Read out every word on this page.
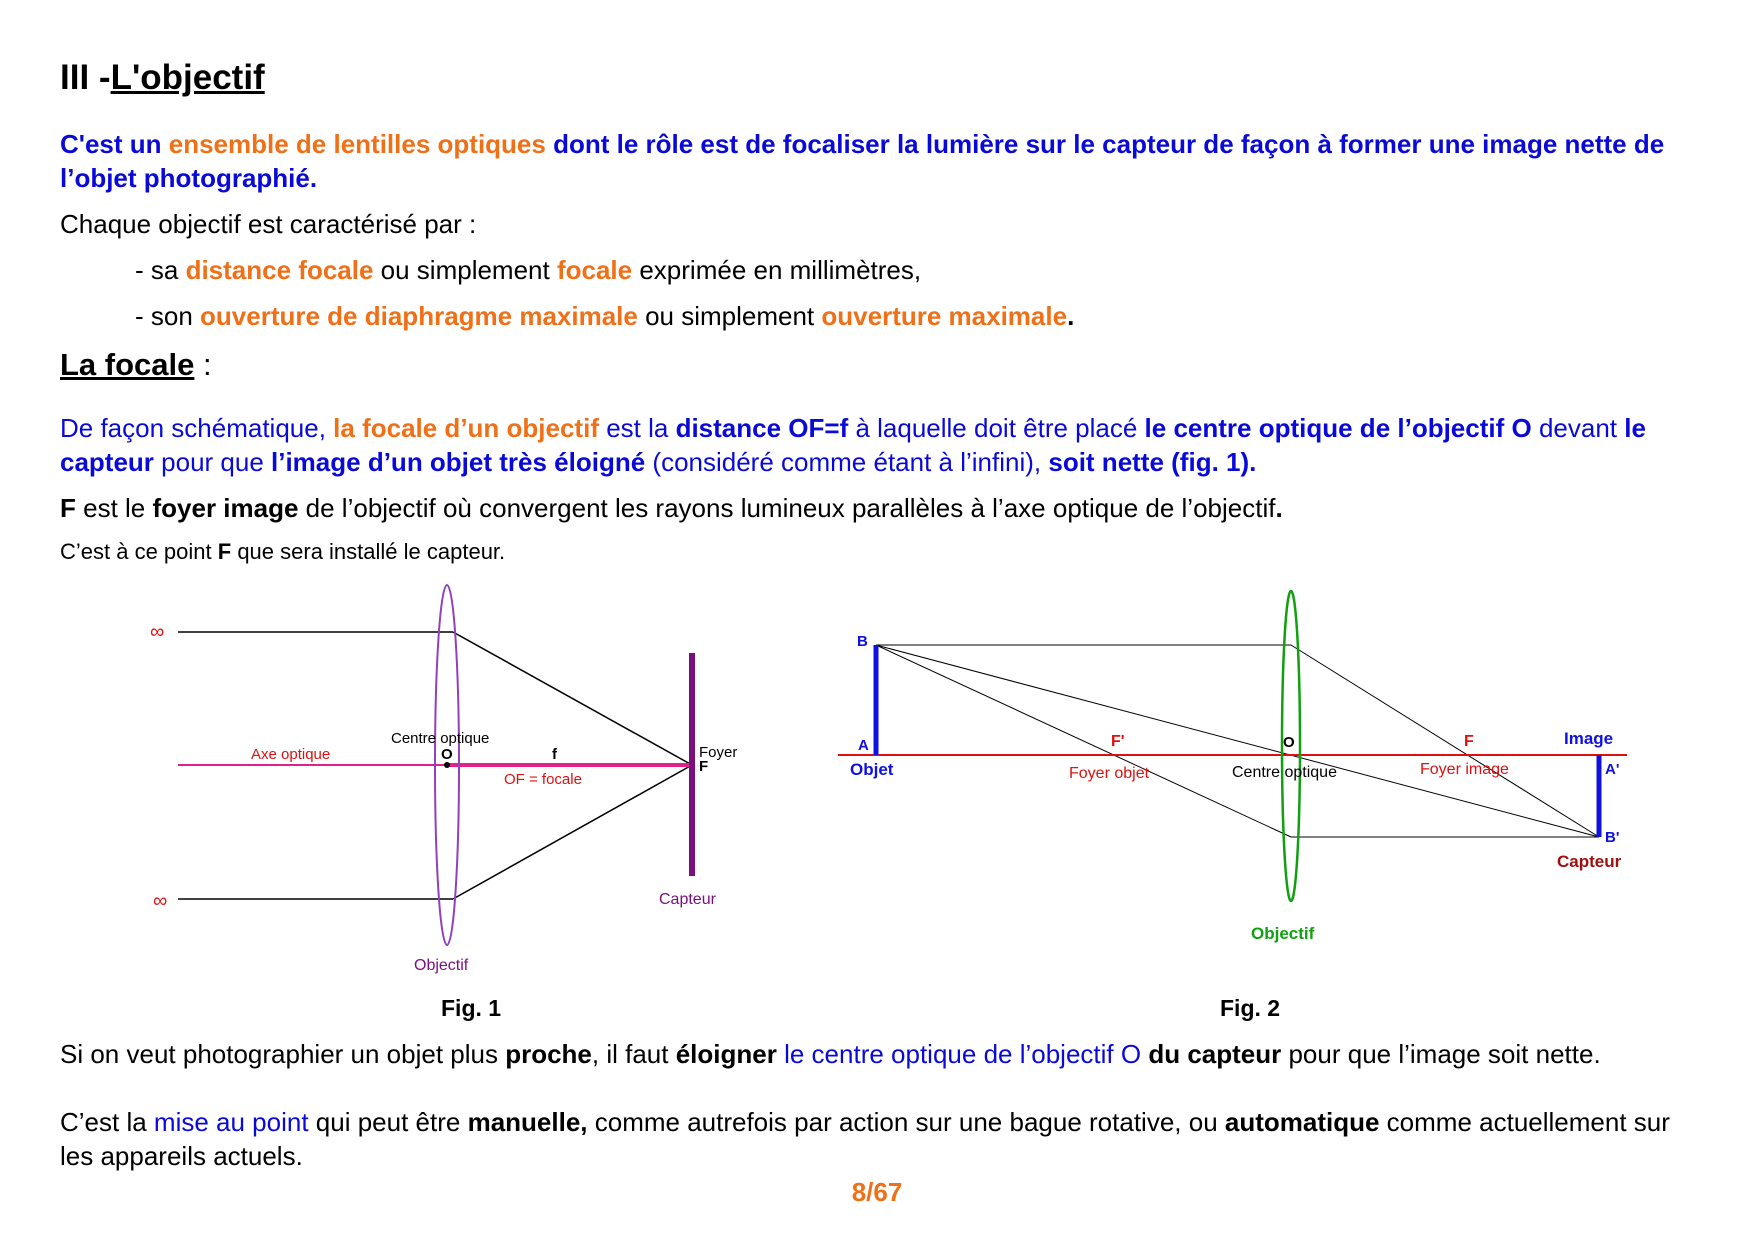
III -L'objectif
C'est un ensemble de lentilles optiques dont le rôle est de focaliser la lumière sur le capteur de façon à former une image nette de l’objet photographié.
Chaque objectif est caractérisé par :
- sa distance focale ou simplement focale exprimée en millimètres,
- son ouverture de diaphragme maximale ou simplement ouverture maximale.
La focale :
De façon schématique, la focale d’un objectif est la distance OF=f à laquelle doit être placé le centre optique de l’objectif O devant le capteur pour que l’image d’un objet très éloigné (considéré comme étant à l’infini), soit nette (fig. 1).
F est le foyer image de l’objectif où convergent les rayons lumineux parallèles à l’axe optique de l’objectif.
C’est à ce point F que sera installé le capteur.
∞
∞
Axe optique
Centre optique
O	f
OF = focale
Foyer
F
Capteur
Objectif
B
A
Objet
F'
Foyer objet
O
Centre optique
F
Foyer image
Image
A'
B'
Capteur
Objectif
Fig. 1	Fig. 2
Si on veut photographier un objet plus proche, il faut éloigner le centre optique de l’objectif O du capteur pour que l’image soit nette.
C’est la mise au point qui peut être manuelle, comme autrefois par action sur une bague rotative, ou automatique comme actuellement sur les appareils actuels.
8/67
